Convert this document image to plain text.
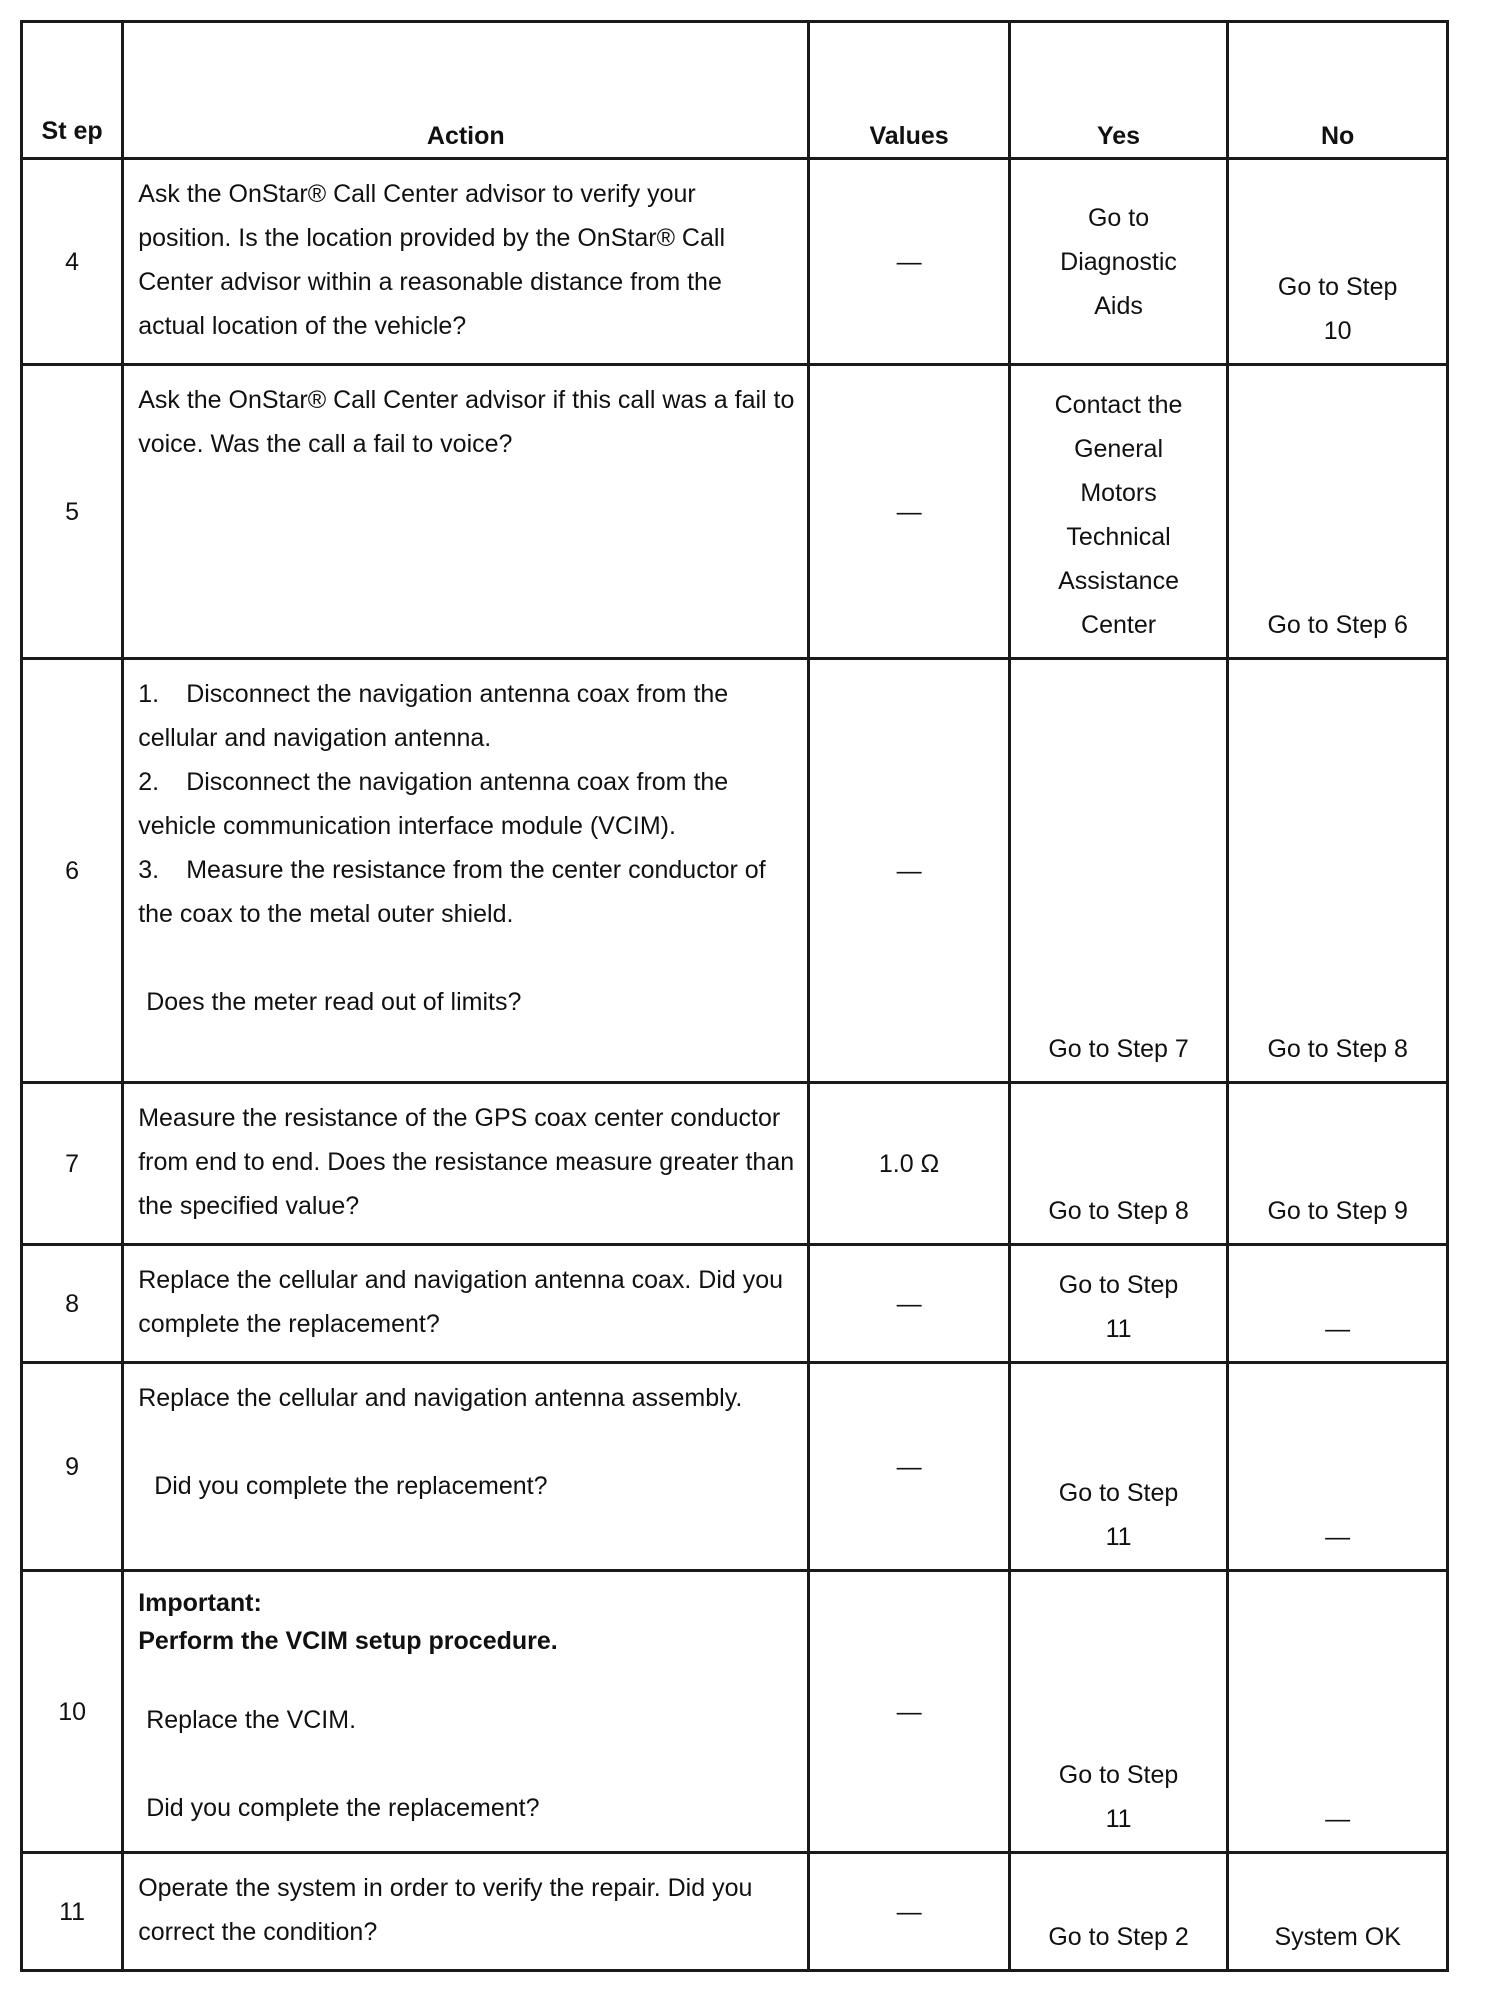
St ep	Action	Values	Yes	No
4	Ask the OnStar® Call Center advisor to verify your position. Is the location provided by the OnStar® Call Center advisor within a reasonable distance from the actual location of the vehicle?	—	Go to Diagnostic Aids	Go to Step 10
5	Ask the OnStar® Call Center advisor if this call was a fail to voice. Was the call a fail to voice?	—	Contact the General Motors Technical Assistance Center	Go to Step 6
6	1. Disconnect the navigation antenna coax from the cellular and navigation antenna.
2. Disconnect the navigation antenna coax from the vehicle communication interface module (VCIM).
3. Measure the resistance from the center conductor of the coax to the metal outer shield.
Does the meter read out of limits?	—	Go to Step 7	Go to Step 8
7	Measure the resistance of the GPS coax center conductor from end to end. Does the resistance measure greater than the specified value?	1.0 Ω	Go to Step 8	Go to Step 9
8	Replace the cellular and navigation antenna coax. Did you complete the replacement?	—	Go to Step 11	—
9	Replace the cellular and navigation antenna assembly.
Did you complete the replacement?	—	Go to Step 11	—
10	Important:
Perform the VCIM setup procedure.
Replace the VCIM.
Did you complete the replacement?	—	Go to Step 11	—
11	Operate the system in order to verify the repair. Did you correct the condition?	—	Go to Step 2	System OK
